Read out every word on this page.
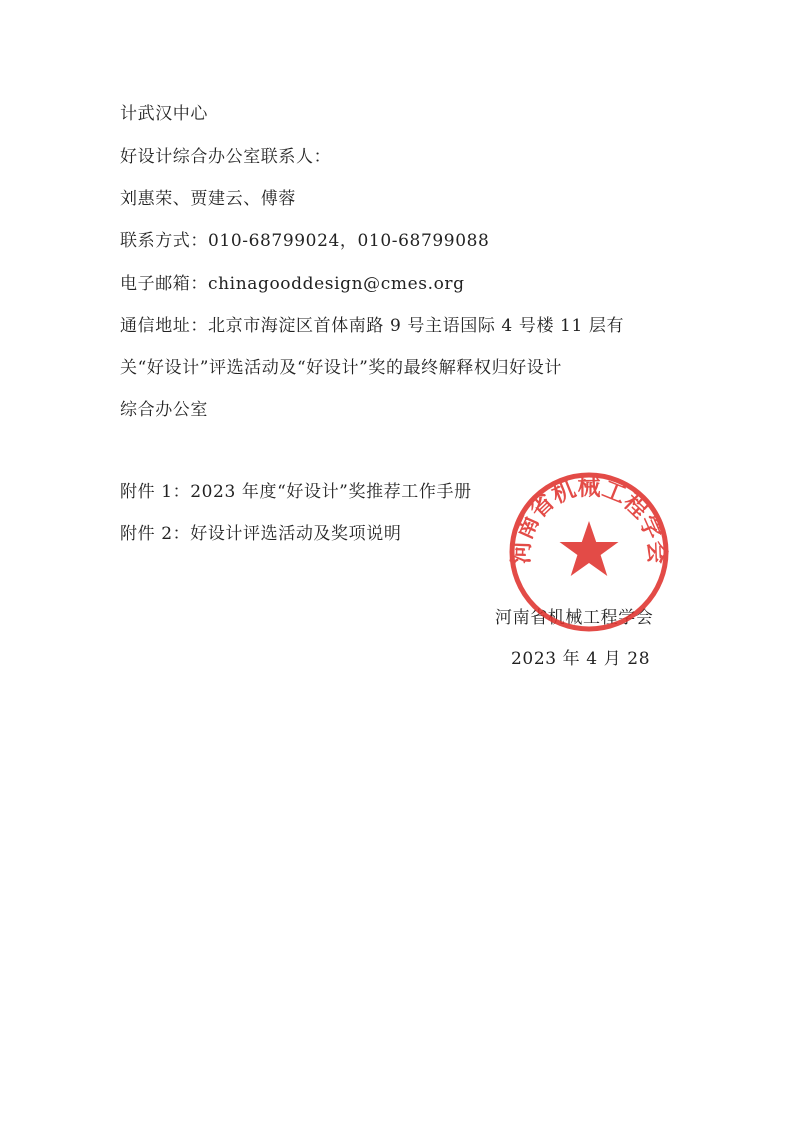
计武汉中心
好设计综合办公室联系人：
刘惠荣、贾建云、傅蓉
联系方式：010-68799024，010-68799088
电子邮箱：chinagooddesign@cmes.org
通信地址：北京市海淀区首体南路 9 号主语国际 4 号楼 11 层有
关“好设计”评选活动及“好设计”奖的最终解释权归好设计
综合办公室
附件 1：2023 年度“好设计”奖推荐工作手册
附件 2：好设计评选活动及奖项说明
河南省机械工程学会
2023 年 4 月 28
河南省机械工程学会
